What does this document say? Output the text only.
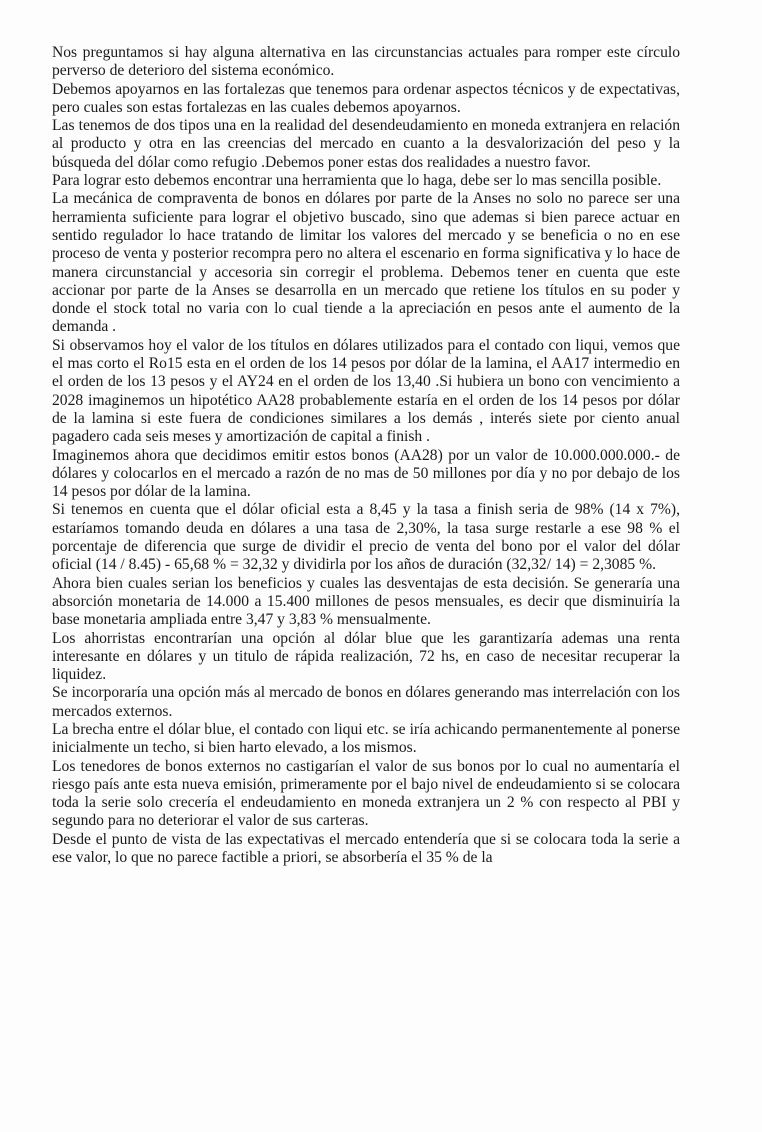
Nos preguntamos si hay alguna alternativa en las circunstancias actuales para romper este círculo perverso de deterioro del sistema económico.

Debemos apoyarnos en las fortalezas que tenemos para ordenar aspectos técnicos y de expectativas, pero cuales son estas fortalezas en las cuales debemos apoyarnos.

Las tenemos de dos tipos una en la realidad del desendeudamiento en moneda extranjera en relación al producto y otra en las creencias del mercado en cuanto a la desvalorización del peso y la búsqueda del dólar como refugio .Debemos poner estas dos realidades a nuestro favor.

Para lograr esto debemos encontrar una herramienta que lo haga, debe ser lo mas sencilla posible.

La mecánica de compraventa de bonos en dólares por parte de la Anses no solo no parece ser una herramienta suficiente para lograr el objetivo buscado, sino que ademas si bien parece actuar en sentido regulador lo hace tratando de limitar los valores del mercado y se beneficia o no en ese proceso de venta y posterior recompra pero no altera el escenario en forma significativa y lo hace de manera circunstancial y accesoria sin corregir el problema. Debemos tener en cuenta que este accionar por parte de la Anses se desarrolla en un mercado que retiene los títulos en su poder y donde el stock total no varia con lo cual tiende a la apreciación en pesos ante el aumento de la demanda .

Si observamos hoy el valor de los títulos en dólares utilizados para el contado con liqui, vemos que el mas corto el Ro15 esta en el orden de los 14 pesos por dólar de la lamina, el AA17 intermedio en el orden de los 13 pesos y el AY24 en el orden de los 13,40 .Si hubiera un bono con vencimiento a 2028 imaginemos un hipotético AA28 probablemente estaría en el orden de los 14 pesos por dólar de la lamina si este fuera de condiciones similares a los demás , interés siete por ciento anual pagadero cada seis meses y amortización de capital a finish .

Imaginemos ahora que decidimos emitir estos bonos (AA28) por un valor de 10.000.000.000.- de dólares y colocarlos en el mercado a razón de no mas de 50 millones por día y no por debajo de los 14 pesos por dólar de la lamina.

Si tenemos en cuenta que el dólar oficial esta a 8,45 y la tasa a finish seria de 98% (14 x 7%), estaríamos tomando deuda en dólares a una tasa de 2,30%, la tasa surge restarle a ese 98 % el porcentaje de diferencia que surge de dividir el precio de venta del bono por el valor del dólar oficial (14 / 8.45) - 65,68 % = 32,32 y dividirla por los años de duración (32,32/ 14) = 2,3085 %.

Ahora bien cuales serian los beneficios y cuales las desventajas de esta decisión. Se generaría una absorción monetaria de 14.000 a 15.400 millones de pesos mensuales, es decir que disminuiría la base monetaria ampliada entre 3,47 y 3,83 % mensualmente.

Los ahorristas encontrarían una opción al dólar blue que les garantizaría ademas una renta interesante en dólares y un titulo de rápida realización, 72 hs, en caso de necesitar recuperar la liquidez.

Se incorporaría una opción más al mercado de bonos en dólares generando mas interrelación con los mercados externos.

La brecha entre el dólar blue, el contado con liqui etc. se iría achicando permanentemente al ponerse inicialmente un techo, si bien harto elevado, a los mismos.

Los tenedores de bonos externos no castigarían el valor de sus bonos por lo cual no aumentaría el riesgo país ante esta nueva emisión, primeramente por el bajo nivel de endeudamiento si se colocara toda la serie solo crecería el endeudamiento en moneda extranjera un 2 % con respecto al PBI y segundo para no deteriorar el valor de sus carteras.

Desde el punto de vista de las expectativas el mercado entendería que si se colocara toda la serie a ese valor, lo que no parece factible a priori, se absorbería el 35 % de la
